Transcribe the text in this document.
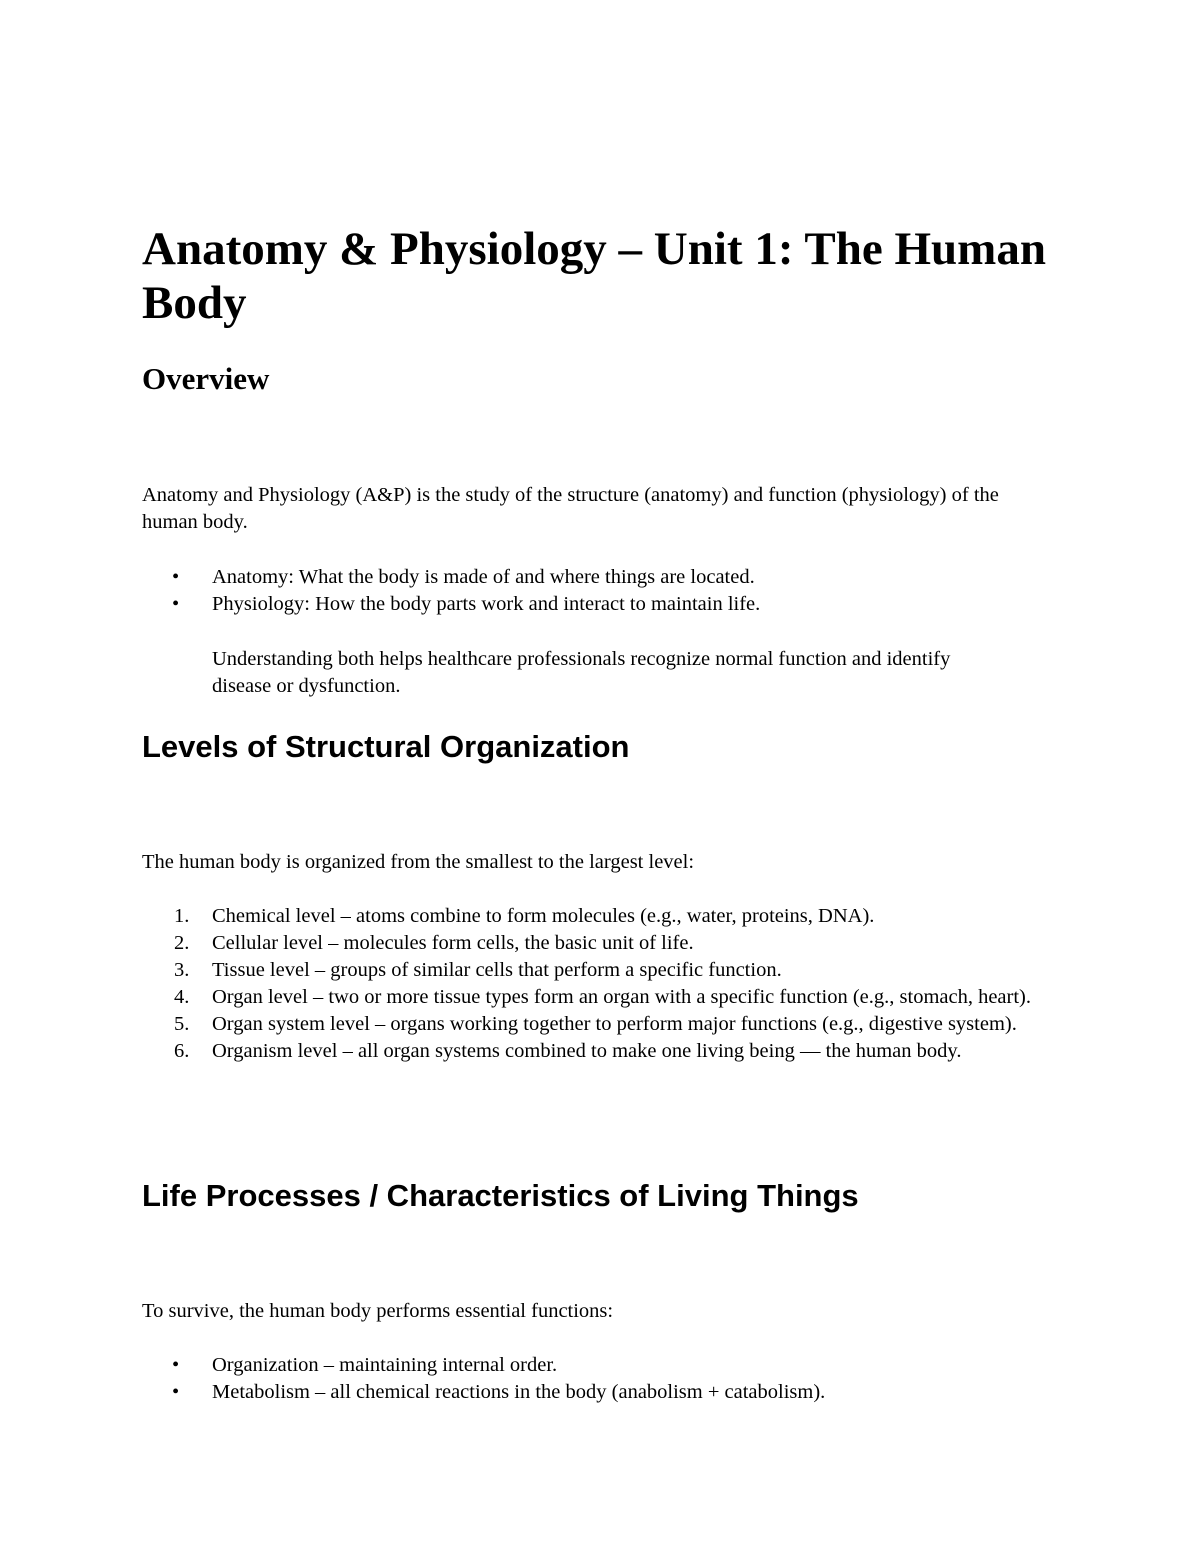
Anatomy & Physiology – Unit 1: The Human Body
Overview

Anatomy and Physiology (A&P) is the study of the structure (anatomy) and function (physiology) of the human body.

•	Anatomy: What the body is made of and where things are located.
•	Physiology: How the body parts work and interact to maintain life.

Understanding both helps healthcare professionals recognize normal function and identify disease or dysfunction.

Levels of Structural Organization

The human body is organized from the smallest to the largest level:

1.	Chemical level – atoms combine to form molecules (e.g., water, proteins, DNA).
2.	Cellular level – molecules form cells, the basic unit of life.
3.	Tissue level – groups of similar cells that perform a specific function.
4.	Organ level – two or more tissue types form an organ with a specific function (e.g., stomach, heart).
5.	Organ system level – organs working together to perform major functions (e.g., digestive system).
6.	Organism level – all organ systems combined to make one living being — the human body.
Life Processes / Characteristics of Living Things

To survive, the human body performs essential functions:

•	Organization – maintaining internal order.
•	Metabolism – all chemical reactions in the body (anabolism + catabolism).
